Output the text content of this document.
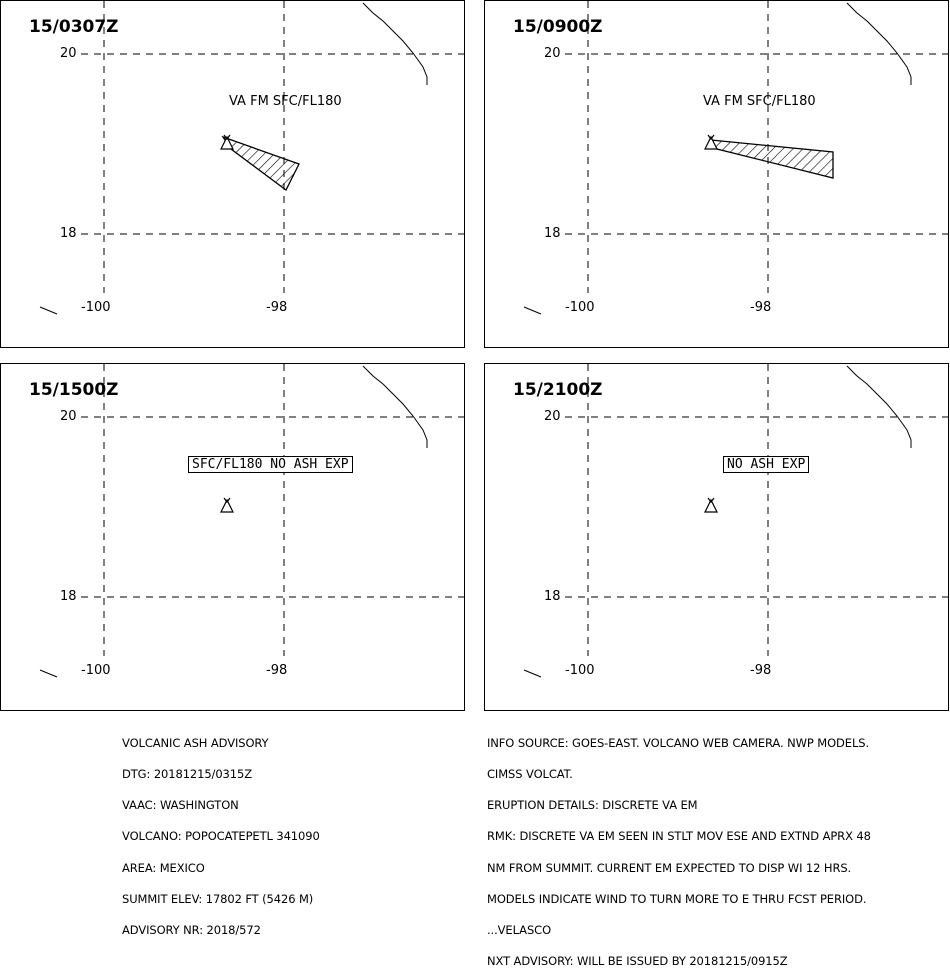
15/0307Z
20
18
-100	-98
VA FM SFC/FL180
15/0900Z
20
18
-100	-98
VA FM SFC/FL180
15/1500Z
20
18
-100	-98
SFC/FL180 NO ASH EXP
15/2100Z
20
18
-100	-98
NO ASH EXP

VOLCANIC ASH ADVISORY

DTG: 20181215/0315Z

VAAC: WASHINGTON

VOLCANO: POPOCATEPETL 341090

AREA: MEXICO

SUMMIT ELEV: 17802 FT (5426 M)

ADVISORY NR: 2018/572

INFO SOURCE: GOES-EAST. VOLCANO WEB CAMERA. NWP MODELS.

CIMSS VOLCAT.

ERUPTION DETAILS: DISCRETE VA EM

RMK: DISCRETE VA EM SEEN IN STLT MOV ESE AND EXTND APRX 48

NM FROM SUMMIT. CURRENT EM EXPECTED TO DISP WI 12 HRS.

MODELS INDICATE WIND TO TURN MORE TO E THRU FCST PERIOD.

...VELASCO

NXT ADVISORY: WILL BE ISSUED BY 20181215/0915Z
